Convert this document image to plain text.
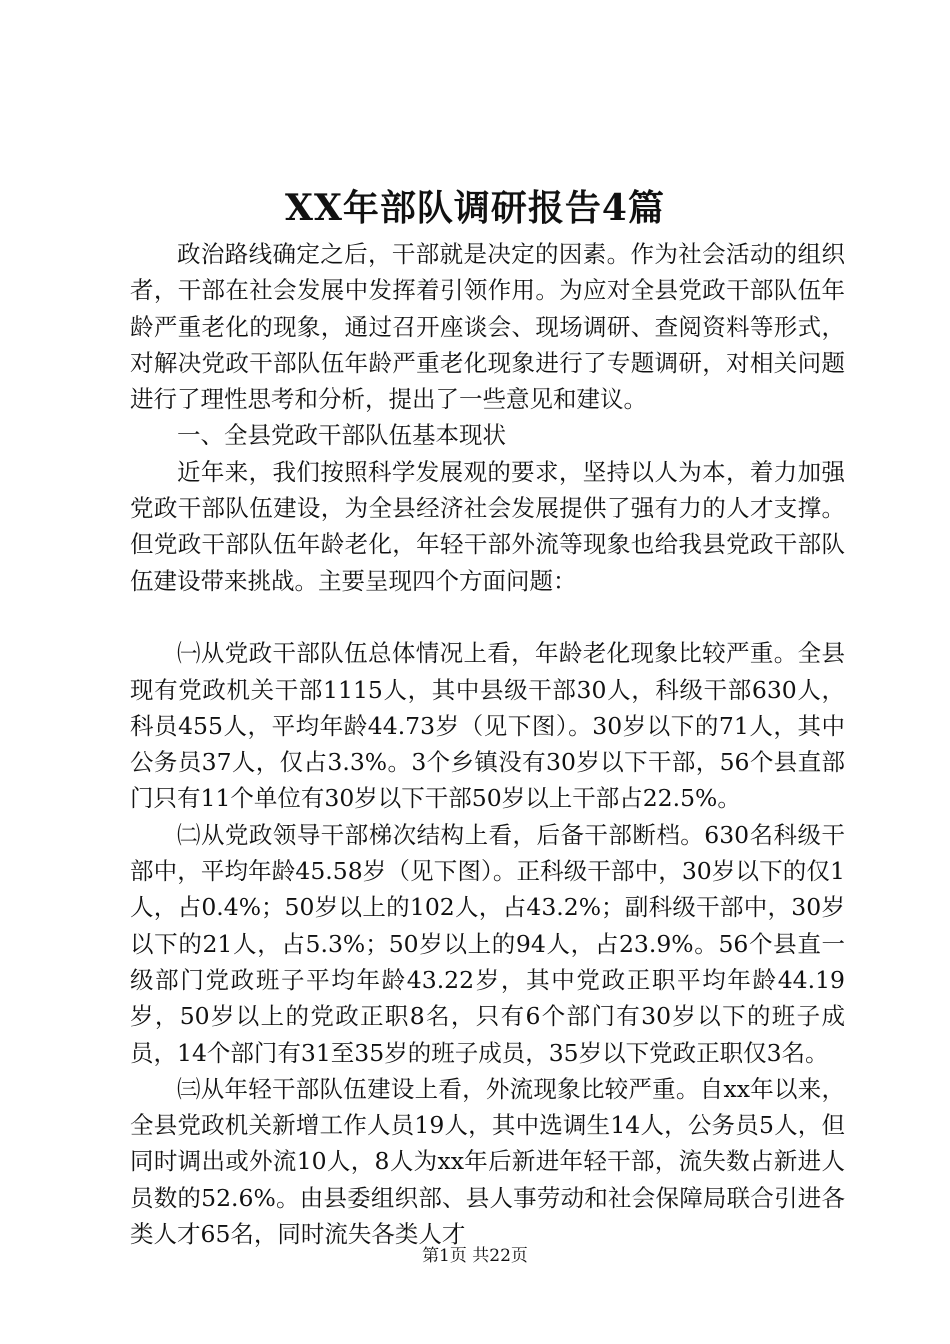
XX年部队调研报告4篇

政治路线确定之后，干部就是决定的因素。作为社会活动的组织者，干部在社会发展中发挥着引领作用。为应对全县党政干部队伍年龄严重老化的现象，通过召开座谈会、现场调研、查阅资料等形式，对解决党政干部队伍年龄严重老化现象进行了专题调研，对相关问题进行了理性思考和分析，提出了一些意见和建议。

一、全县党政干部队伍基本现状

近年来，我们按照科学发展观的要求，坚持以人为本，着力加强党政干部队伍建设，为全县经济社会发展提供了强有力的人才支撑。但党政干部队伍年龄老化，年轻干部外流等现象也给我县党政干部队伍建设带来挑战。主要呈现四个方面问题：

㈠从党政干部队伍总体情况上看，年龄老化现象比较严重。全县现有党政机关干部1115人，其中县级干部30人，科级干部630人，科员455人，平均年龄44.73岁（见下图）。30岁以下的71人，其中公务员37人，仅占3.3%。3个乡镇没有30岁以下干部，56个县直部门只有11个单位有30岁以下干部50岁以上干部占22.5%。

㈡从党政领导干部梯次结构上看，后备干部断档。630名科级干部中，平均年龄45.58岁（见下图）。正科级干部中，30岁以下的仅1人，占0.4%；50岁以上的102人，占43.2%；副科级干部中，30岁以下的21人，占5.3%；50岁以上的94人，占23.9%。56个县直一级部门党政班子平均年龄43.22岁，其中党政正职平均年龄44.19岁，50岁以上的党政正职8名，只有6个部门有30岁以下的班子成员，14个部门有31至35岁的班子成员，35岁以下党政正职仅3名。

㈢从年轻干部队伍建设上看，外流现象比较严重。自xx年以来，全县党政机关新增工作人员19人，其中选调生14人，公务员5人，但同时调出或外流10人，8人为xx年后新进年轻干部，流失数占新进人员数的52.6%。由县委组织部、县人事劳动和社会保障局联合引进各类人才65名，同时流失各类人才

第1页 共22页
